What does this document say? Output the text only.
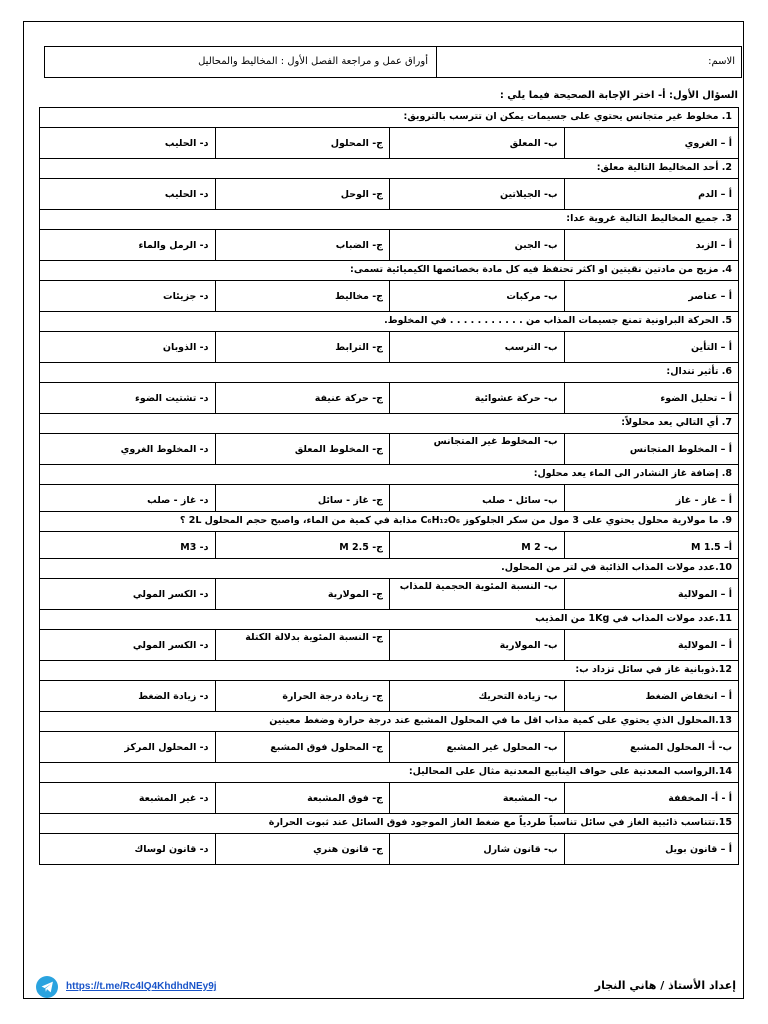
الاسم:
أوراق عمل و مراجعة الفصل الأول : المخاليط والمحاليل
السؤال الأول: أ- اختر الإجابة الصحيحة فيما يلي :
1. مخلوط غير متجانس يحتوي على جسيمات يمكن ان تترسب بالترويق:
أ – الغروي
ب- المعلق
ج- المحلول
د- الحليب
2. أحد المخاليط التالية معلق:
أ – الدم
ب- الجيلاتين
ج- الوحل
د- الحليب
3. جميع المخاليط التالية غروية عدا:
أ – الزبد
ب- الجبن
ج- الضباب
د- الرمل والماء
4. مزيج من مادتين نقيتين او اكثر تحتفظ فيه كل مادة بخصائصها الكيميائية تسمى:
أ – عناصر
ب- مركبات
ج- مخاليط
د- جزيئات
5. الحركة البراونية تمنع جسيمات المذاب من . . . . . . . . . . . في المخلوط.
أ – التأين
ب- الترسب
ج- الترابط
د- الذوبان
6. تأثير تندال:
أ – تحليل الضوء
ب- حركة عشوائية
ج- حركة عنيفة
د- تشتيت الضوء
7. أي التالي يعد محلولاً:
أ – المخلوط المتجانس
ب- المخلوط غير المتجانس
ج- المخلوط المعلق
د- المخلوط الغروي
8. إضافة غاز النشادر الى الماء يعد محلول:
أ – غاز - غاز
ب- سائل - صلب
ج- غاز - سائل
د- غاز - صلب
9. ما مولارية محلول يحتوي على 3 مول من سكر الجلوكوز C₆H₁₂O₆ مذابة في كمية من الماء، واصبح حجم المحلول 2L ؟
أ– 1.5 M
ب- 2 M
ج- 2.5 M
د- M3
10.عدد مولات المذاب الذائبة في لتر من المحلول.
أ – المولالية
ب- النسبة المئوية الحجمية للمذاب
ج- المولارية
د- الكسر المولي
11.عدد مولات المذاب في 1Kg من المذيب
أ – المولالية
ب- المولارية
ج- النسبة المئوية بدلالة الكتلة
د- الكسر المولي
12.ذوبانية غاز في سائل تزداد ب:
أ – انخفاض الضغط
ب- زيادة التحريك
ج- زيادة درجة الحرارة
د- زيادة الضغط
13.المحلول الذي يحتوي على كمية مذاب اقل ما في المحلول المشبع عند درجة حرارة وضغط معينين
ب- أ- المحلول المشبع
ب- المحلول غير المشبع
ج- المحلول فوق المشبع
د- المحلول المركز
14.الرواسب المعدنية على حواف الينابيع المعدنية مثال على المحاليل:
أ - أ- المخففة
ب- المشبعة
ج- فوق المشبعة
د- غير المشبعة
15.تتناسب ذائبية الغاز في سائل تناسباً طردياً مع ضغط الغاز الموجود فوق السائل عند ثبوت الحرارة
أ – قانون بويل
ب- قانون شارل
ج- قانون هنري
د- قانون لوساك
https://t.me/Rc4lQ4KhdhdNEy9j	إعداد الأستاذ / هاني النجار
